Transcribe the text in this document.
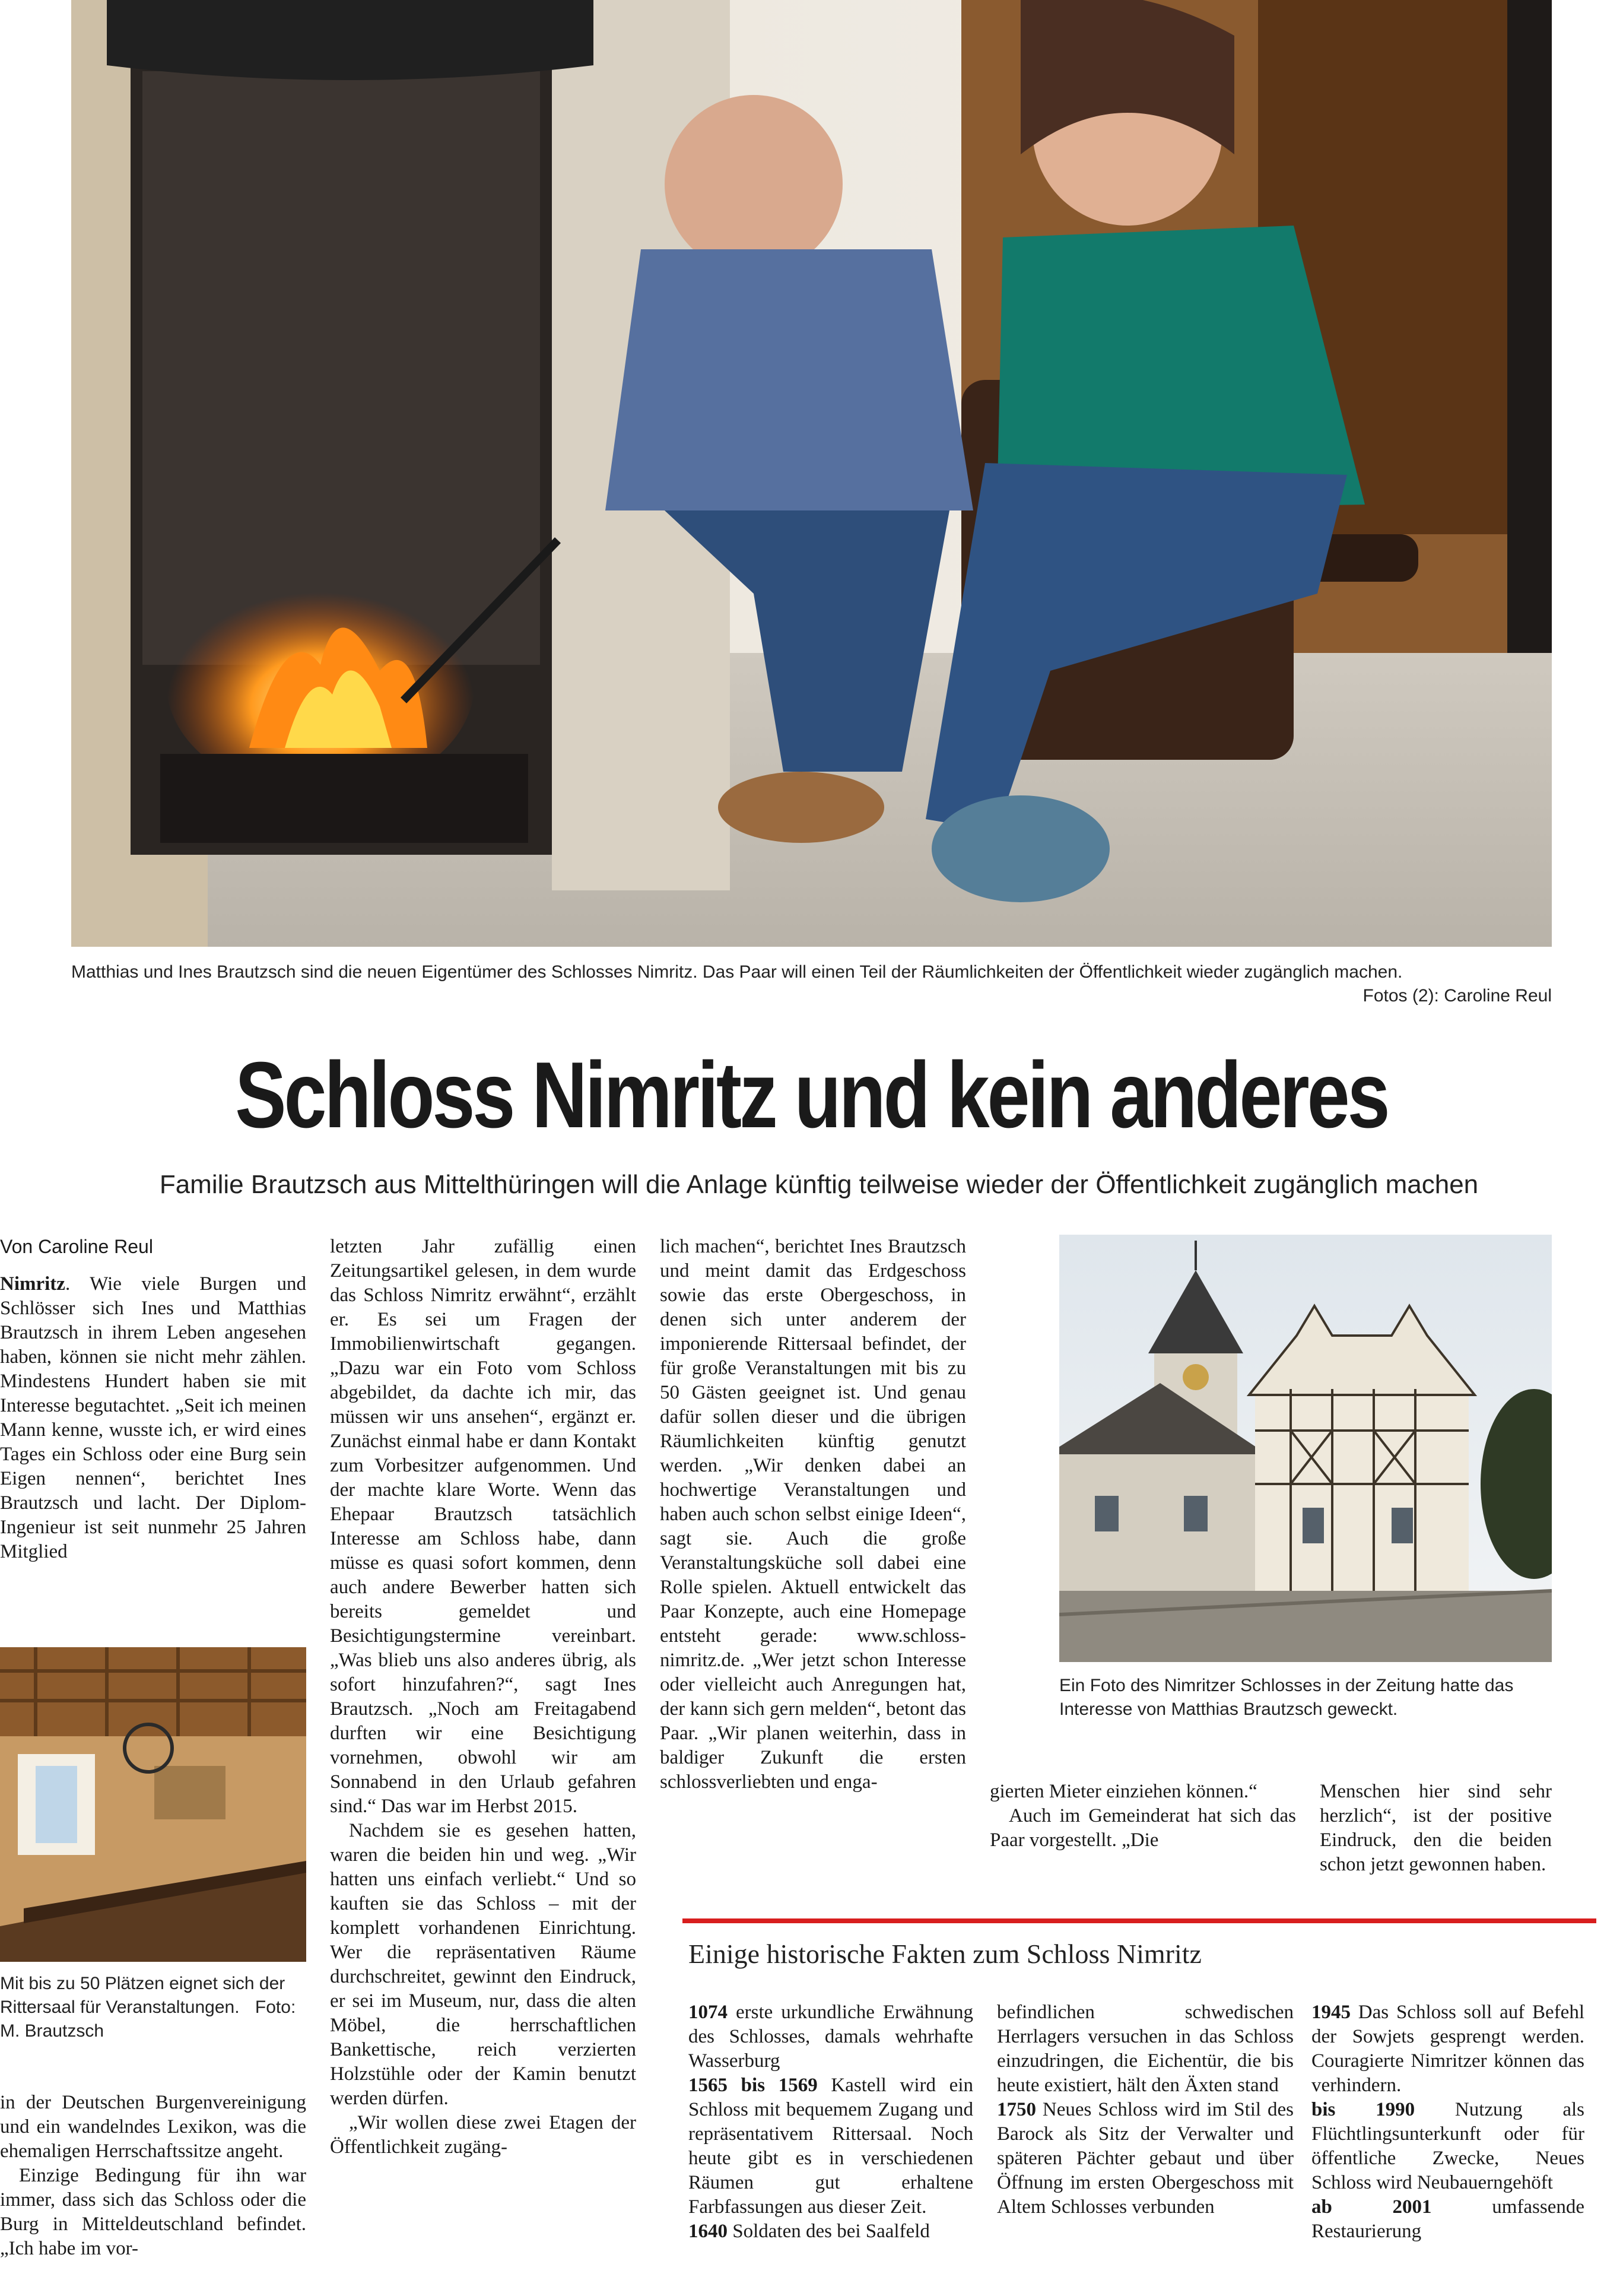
Matthias und Ines Brautzsch sind die neuen Eigentümer des Schlosses Nimritz. Das Paar will einen Teil der Räumlichkeiten der Öffentlichkeit wieder zugänglich machen.
Fotos (2): Caroline Reul
Schloss Nimritz und kein anderes
Familie Brautzsch aus Mittelthüringen will die Anlage künftig teilweise wieder der Öffentlichkeit zugänglich machen
Von Caroline Reul

Nimritz. Wie viele Burgen und Schlösser sich Ines und Matthias Brautzsch in ihrem Leben angesehen haben, können sie nicht mehr zählen. Mindestens Hundert haben sie mit Interesse begutachtet. „Seit ich meinen Mann kenne, wusste ich, er wird eines Tages ein Schloss oder eine Burg sein Eigen nennen“, berichtet Ines Brautzsch und lacht. Der Diplom-Ingenieur ist seit nunmehr 25 Jahren Mitglied

Mit bis zu 50 Plätzen eignet sich der Rittersaal für Veranstaltungen. Foto: M. Brautzsch

in der Deutschen Burgenvereinigung und ein wandelndes Lexikon, was die ehemaligen Herrschaftssitze angeht.

Einzige Bedingung für ihn war immer, dass sich das Schloss oder die Burg in Mitteldeutschland befindet. „Ich habe im vor-

letzten Jahr zufällig einen Zeitungsartikel gelesen, in dem wurde das Schloss Nimritz erwähnt“, erzählt er. Es sei um Fragen der Immobilienwirtschaft gegangen. „Dazu war ein Foto vom Schloss abgebildet, da dachte ich mir, das müssen wir uns ansehen“, ergänzt er. Zunächst einmal habe er dann Kontakt zum Vorbesitzer aufgenommen. Und der machte klare Worte. Wenn das Ehepaar Brautzsch tatsächlich Interesse am Schloss habe, dann müsse es quasi sofort kommen, denn auch andere Bewerber hatten sich bereits gemeldet und Besichtigungstermine vereinbart. „Was blieb uns also anderes übrig, als sofort hinzufahren?“, sagt Ines Brautzsch. „Noch am Freitagabend durften wir eine Besichtigung vornehmen, obwohl wir am Sonnabend in den Urlaub gefahren sind.“ Das war im Herbst 2015.

Nachdem sie es gesehen hatten, waren die beiden hin und weg. „Wir hatten uns einfach verliebt.“ Und so kauften sie das Schloss – mit der komplett vorhandenen Einrichtung. Wer die repräsentativen Räume durchschreitet, gewinnt den Eindruck, er sei im Museum, nur, dass die alten Möbel, die herrschaftlichen Bankettische, reich verzierten Holzstühle oder der Kamin benutzt werden dürfen.

„Wir wollen diese zwei Etagen der Öffentlichkeit zugäng-

lich machen“, berichtet Ines Brautzsch und meint damit das Erdgeschoss sowie das erste Obergeschoss, in denen sich unter anderem der imponierende Rittersaal befindet, der für große Veranstaltungen mit bis zu 50 Gästen geeignet ist. Und genau dafür sollen dieser und die übrigen Räumlichkeiten künftig genutzt werden. „Wir denken dabei an hochwertige Veranstaltungen und haben auch schon selbst einige Ideen“, sagt sie. Auch die große Veranstaltungsküche soll dabei eine Rolle spielen. Aktuell entwickelt das Paar Konzepte, auch eine Homepage entsteht gerade: www.schloss-nimritz.de. „Wer jetzt schon Interesse oder vielleicht auch Anregungen hat, der kann sich gern melden“, betont das Paar. „Wir planen weiterhin, dass in baldiger Zukunft die ersten schlossverliebten und enga-

Ein Foto des Nimritzer Schlosses in der Zeitung hatte das Interesse von Matthias Brautzsch geweckt.

gierten Mieter einziehen können.“

Auch im Gemeinderat hat sich das Paar vorgestellt. „Die

Menschen hier sind sehr herzlich“, ist der positive Eindruck, den die beiden schon jetzt gewonnen haben.

Einige historische Fakten zum Schloss Nimritz

1074 erste urkundliche Erwähnung des Schlosses, damals wehrhafte Wasserburg

1565 bis 1569 Kastell wird ein Schloss mit bequemem Zugang und repräsentativem Rittersaal. Noch heute gibt es in verschiedenen Räumen gut erhaltene Farbfassungen aus dieser Zeit.

1640 Soldaten des bei Saalfeld

befindlichen schwedischen Herrlagers versuchen in das Schloss einzudringen, die Eichentür, die bis heute existiert, hält den Äxten stand

1750 Neues Schloss wird im Stil des Barock als Sitz der Verwalter und späteren Pächter gebaut und über Öffnung im ersten Obergeschoss mit Altem Schlosses verbunden

1945 Das Schloss soll auf Befehl der Sowjets gesprengt werden. Couragierte Nimritzer können das verhindern.

bis 1990 Nutzung als Flüchtlingsunterkunft oder für öffentliche Zwecke, Neues Schloss wird Neubauerngehöft

ab 2001 umfassende Restaurierung
